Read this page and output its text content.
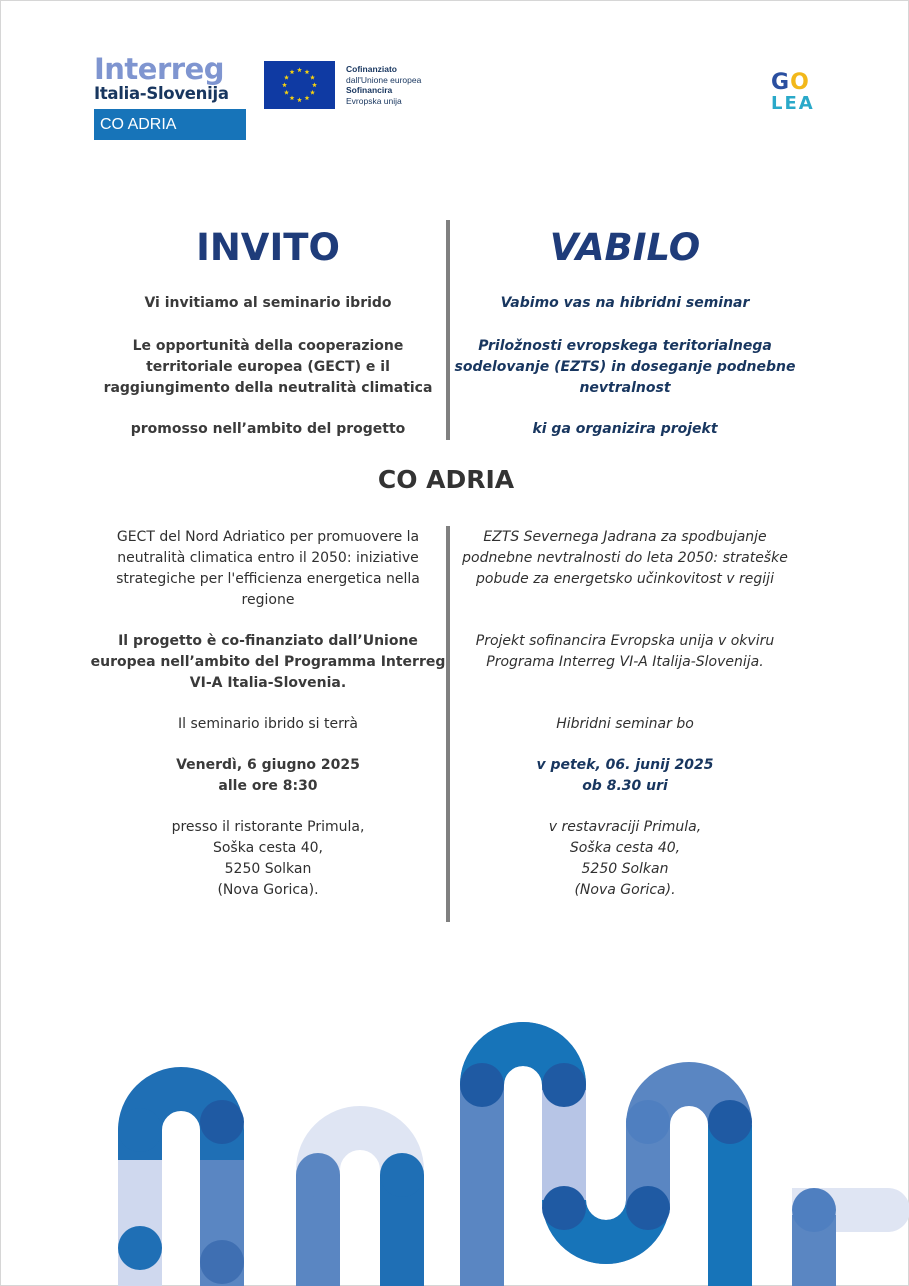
Interreg
Italia-Slovenija
CO ADRIA
Cofinanziato
dall'Unione europea
Sofinancira
Evropska unija
GO
LEA
INVITO

Vi invitiamo al seminario ibrido

Le opportunità della cooperazione

territoriale europea (GECT) e il

raggiungimento della neutralità climatica

promosso nell’ambito del progetto

VABILO

Vabimo vas na hibridni seminar

Priložnosti evropskega teritorialnega

sodelovanje (EZTS) in doseganje podnebne

nevtralnost

ki ga organizira projekt

CO ADRIA

GECT del Nord Adriatico per promuovere la

neutralità climatica entro il 2050: iniziative

strategiche per l'efficienza energetica nella

regione

Il progetto è co-finanziato dall’Unione

europea nell’ambito del Programma Interreg

VI-A Italia-Slovenia.

Il seminario ibrido si terrà

Venerdì, 6 giugno 2025

alle ore 8:30

presso il ristorante Primula,

Soška cesta 40,

5250 Solkan

(Nova Gorica).

EZTS Severnega Jadrana za spodbujanje

podnebne nevtralnosti do leta 2050: strateške

pobude za energetsko učinkovitost v regiji

Projekt sofinancira Evropska unija v okviru

Programa Interreg VI-A Italija-Slovenija.

Hibridni seminar bo

v petek, 06. junij 2025

ob 8.30 uri

v restavraciji Primula,

Soška cesta 40,

5250 Solkan

(Nova Gorica).
